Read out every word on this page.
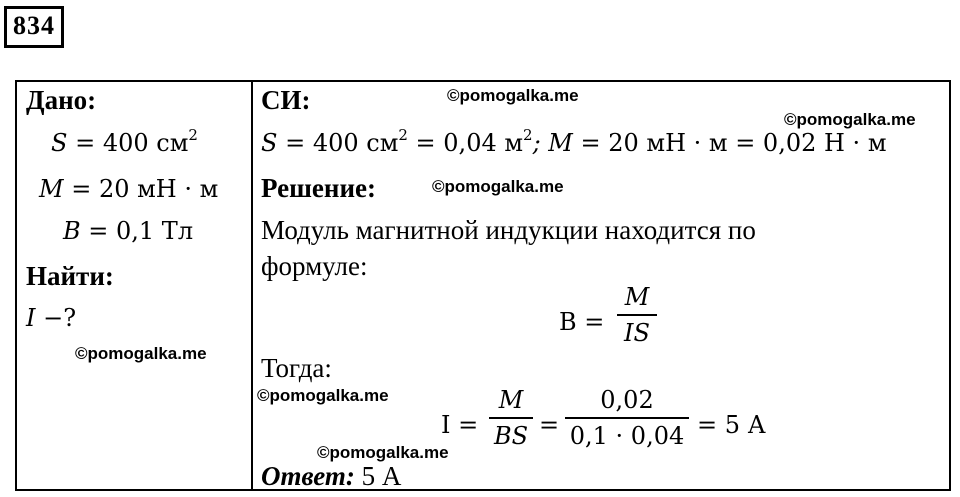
834
Дано:
S = 400 $см^2$
M = 20 мН · м
B = 0,1 Тл
Найти:
I −?
СИ:
S = 400 $см^2 = 0,04$ $м^2$; M = 20 мН · м = 0,02 Н · м
Решение:
Модуль магнитной индукции находится по
формуле:
B =
M
IS
Тогда:
I =
M
BS =
0,02
0,1 · 0,04 = 5 А
Ответ: 5 А
©pomogalka.me
©pomogalka.me
©pomogalka.me
©pomogalka.me
©pomogalka.me
©pomogalka.me
